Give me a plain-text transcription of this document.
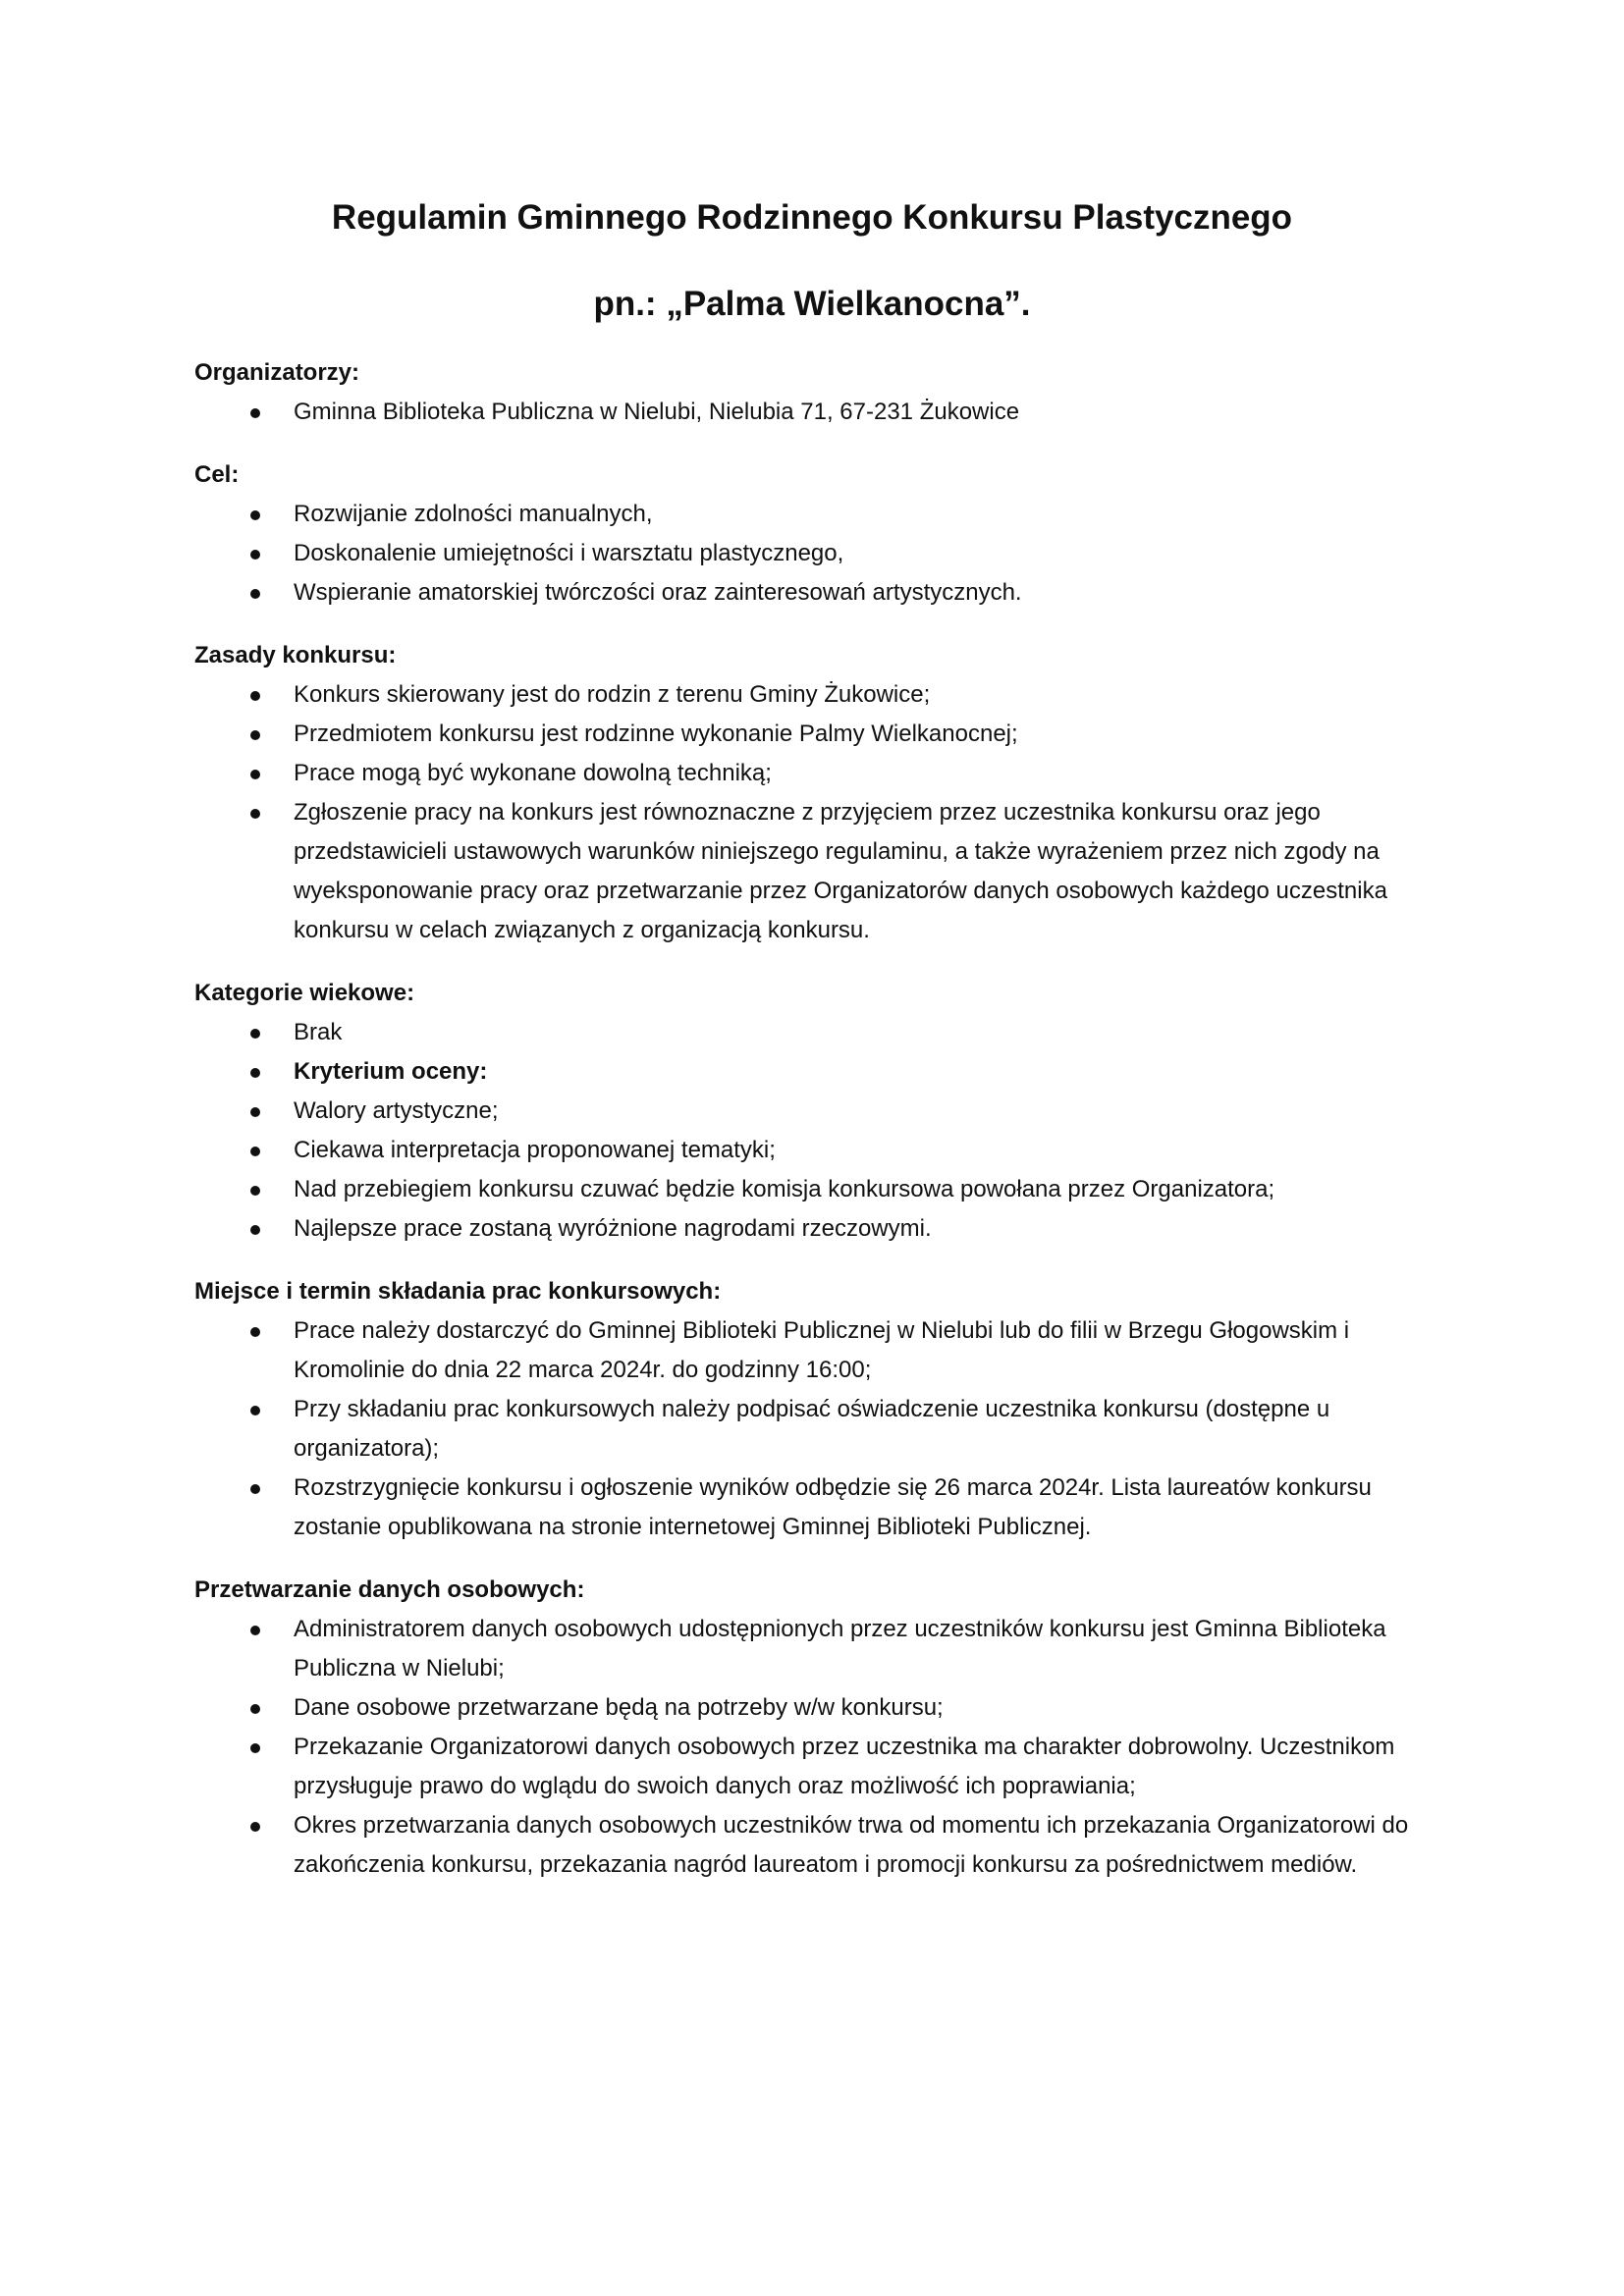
Regulamin Gminnego Rodzinnego Konkursu Plastycznego
pn.: „Palma Wielkanocna”.
Organizatorzy:
Gminna Biblioteka Publiczna w Nielubi, Nielubia 71, 67-231 Żukowice
Cel:
Rozwijanie zdolności manualnych,
Doskonalenie umiejętności i warsztatu plastycznego,
Wspieranie amatorskiej twórczości oraz zainteresowań artystycznych.
Zasady konkursu:
Konkurs skierowany jest do rodzin z terenu Gminy Żukowice;
Przedmiotem konkursu jest rodzinne wykonanie Palmy Wielkanocnej;
Prace mogą być wykonane dowolną techniką;
Zgłoszenie pracy na konkurs jest równoznaczne z przyjęciem przez uczestnika konkursu oraz jego przedstawicieli ustawowych warunków niniejszego regulaminu, a także wyrażeniem przez nich zgody na wyeksponowanie pracy oraz przetwarzanie przez Organizatorów danych osobowych każdego uczestnika konkursu w celach związanych z organizacją konkursu.
Kategorie wiekowe:
Brak
Kryterium oceny:
Walory artystyczne;
Ciekawa interpretacja proponowanej tematyki;
Nad przebiegiem konkursu czuwać będzie komisja konkursowa powołana przez Organizatora;
Najlepsze prace zostaną wyróżnione nagrodami rzeczowymi.
Miejsce i termin składania prac konkursowych:
Prace należy dostarczyć do Gminnej Biblioteki Publicznej w Nielubi lub do filii w Brzegu Głogowskim i Kromolinie do dnia 22 marca 2024r. do godzinny 16:00;
Przy składaniu prac konkursowych należy podpisać oświadczenie uczestnika konkursu (dostępne u organizatora);
Rozstrzygnięcie konkursu i ogłoszenie wyników odbędzie się 26 marca 2024r. Lista laureatów konkursu zostanie opublikowana na stronie internetowej Gminnej Biblioteki Publicznej.
Przetwarzanie danych osobowych:
Administratorem danych osobowych udostępnionych przez uczestników konkursu jest Gminna Biblioteka Publiczna w Nielubi;
Dane osobowe przetwarzane będą na potrzeby w/w konkursu;
Przekazanie Organizatorowi danych osobowych przez uczestnika ma charakter dobrowolny. Uczestnikom przysługuje prawo do wglądu do swoich danych oraz możliwość ich poprawiania;
Okres przetwarzania danych osobowych uczestników trwa od momentu ich przekazania Organizatorowi do zakończenia konkursu, przekazania nagród laureatom i promocji konkursu za pośrednictwem mediów.
